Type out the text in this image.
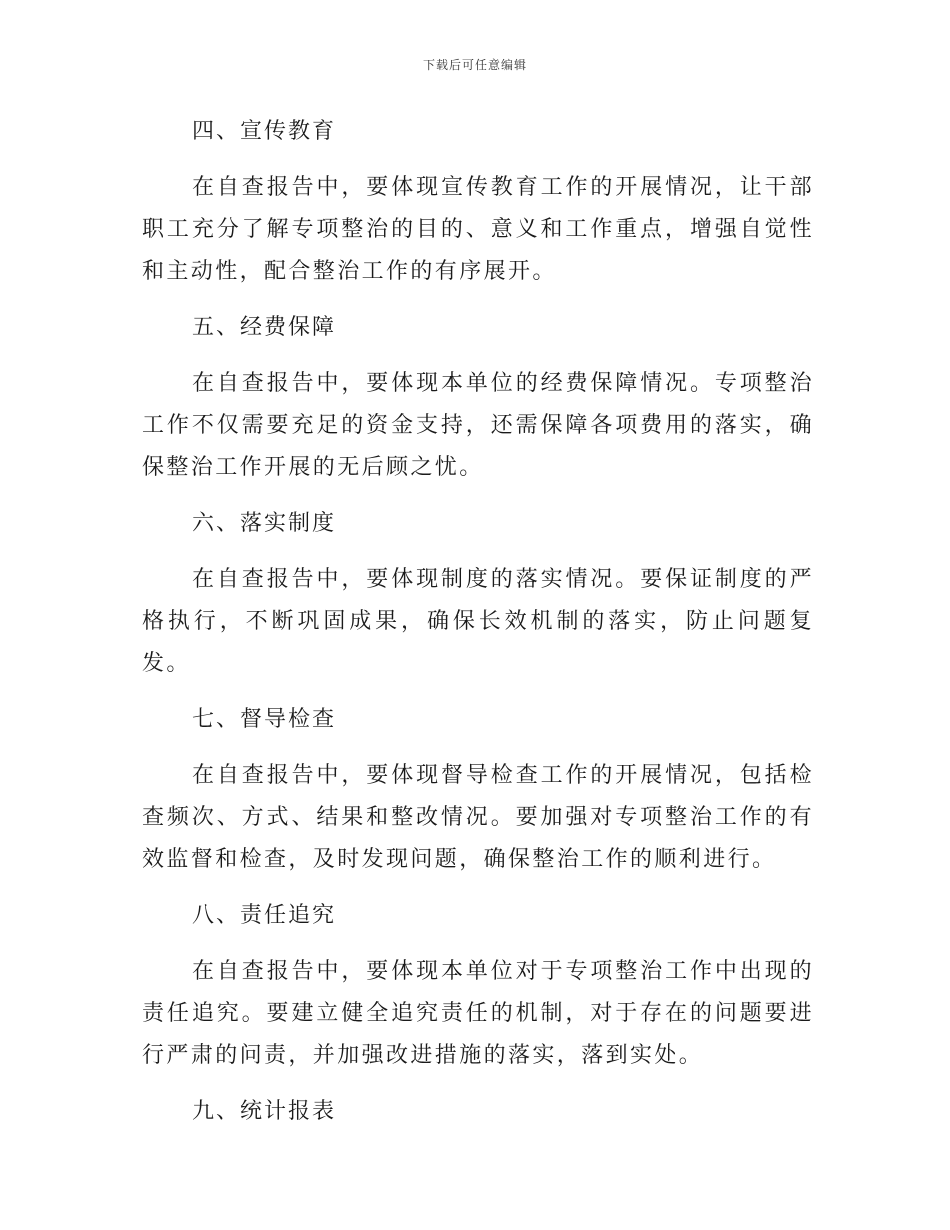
下载后可任意编辑
四、宣传教育
在自查报告中，要体现宣传教育工作的开展情况，让干部职工充分了解专项整治的目的、意义和工作重点，增强自觉性和主动性，配合整治工作的有序展开。
五、经费保障
在自查报告中，要体现本单位的经费保障情况。专项整治工作不仅需要充足的资金支持，还需保障各项费用的落实，确保整治工作开展的无后顾之忧。
六、落实制度
在自查报告中，要体现制度的落实情况。要保证制度的严格执行，不断巩固成果，确保长效机制的落实，防止问题复发。
七、督导检查
在自查报告中，要体现督导检查工作的开展情况，包括检查频次、方式、结果和整改情况。要加强对专项整治工作的有效监督和检查，及时发现问题，确保整治工作的顺利进行。
八、责任追究
在自查报告中，要体现本单位对于专项整治工作中出现的责任追究。要建立健全追究责任的机制，对于存在的问题要进行严肃的问责，并加强改进措施的落实，落到实处。
九、统计报表
